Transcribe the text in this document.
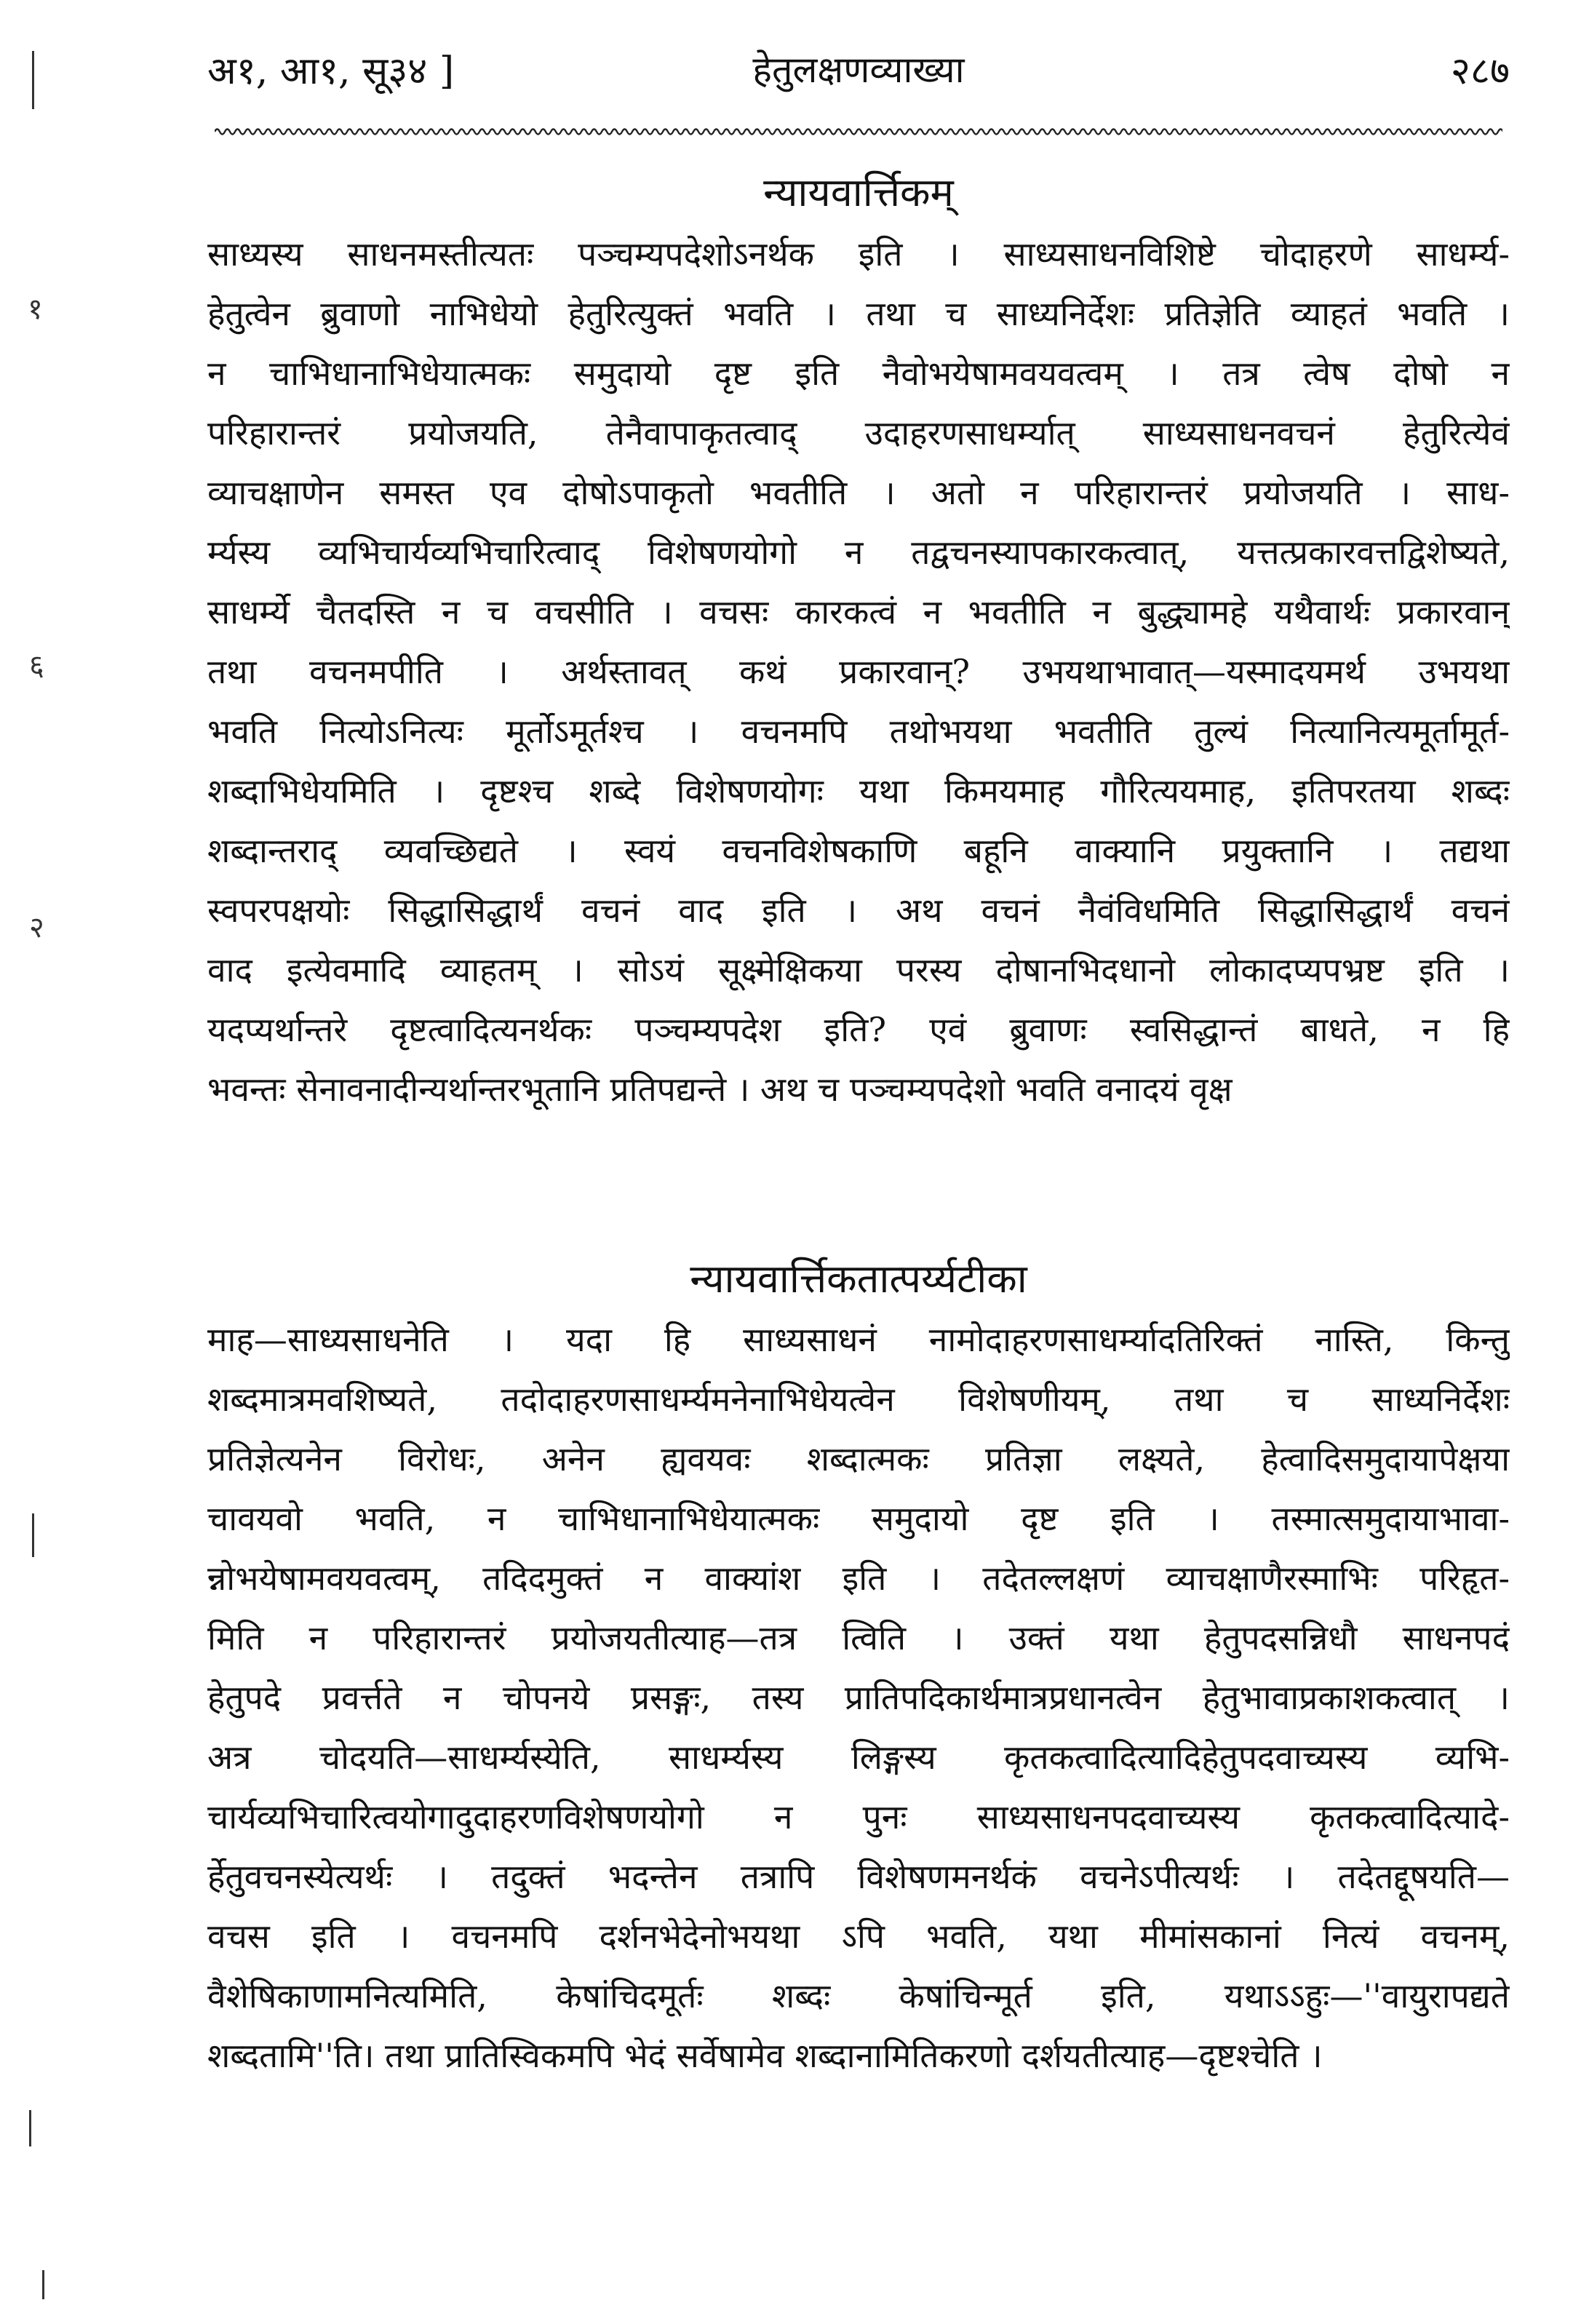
अ१, आ१, सू३४ ]	हेतुलक्षणव्याख्या	२८७
न्यायवार्त्तिकम्
साध्यस्य साधनमस्तीत्यतः पञ्चम्यपदेशोऽनर्थक इति । साध्यसाधनविशिष्टे चोदाहरणे साधर्म्य-
हेतुत्वेन ब्रुवाणो नाभिधेयो हेतुरित्युक्तं भवति । तथा च साध्यनिर्देशः प्रतिज्ञेति व्याहतं भवति ।
न चाभिधानाभिधेयात्मकः समुदायो दृष्ट इति नैवोभयेषामवयवत्वम् । तत्र त्वेष दोषो न
परिहारान्तरं प्रयोजयति, तेनैवापाकृतत्वाद् उदाहरणसाधर्म्यात् साध्यसाधनवचनं हेतुरित्येवं
व्याचक्षाणेन समस्त एव दोषोऽपाकृतो भवतीति । अतो न परिहारान्तरं प्रयोजयति । साध-
र्म्यस्य व्यभिचार्यव्यभिचारित्वाद् विशेषणयोगो न तद्वचनस्यापकारकत्वात्, यत्तत्प्रकारवत्तद्विशेष्यते,
साधर्म्ये चैतदस्ति न च वचसीति । वचसः कारकत्वं न भवतीति न बुद्ध्यामहे यथैवार्थः प्रकारवान्
तथा वचनमपीति । अर्थस्तावत् कथं प्रकारवान्? उभयथाभावात्—यस्मादयमर्थ उभयथा
भवति नित्योऽनित्यः मूर्तोऽमूर्तश्च । वचनमपि तथोभयथा भवतीति तुल्यं नित्यानित्यमूर्तामूर्त-
शब्दाभिधेयमिति । दृष्टश्च शब्दे विशेषणयोगः यथा किमयमाह गौरित्ययमाह, इतिपरतया शब्दः
शब्दान्तराद् व्यवच्छिद्यते । स्वयं वचनविशेषकाणि बहूनि वाक्यानि प्रयुक्तानि । तद्यथा
स्वपरपक्षयोः सिद्धासिद्धार्थं वचनं वाद इति । अथ वचनं नैवंविधमिति सिद्धासिद्धार्थं वचनं
वाद इत्येवमादि व्याहतम् । सोऽयं सूक्ष्मेक्षिकया परस्य दोषानभिदधानो लोकादप्यपभ्रष्ट इति ।
यदप्यर्थान्तरे दृष्टत्वादित्यनर्थकः पञ्चम्यपदेश इति? एवं ब्रुवाणः स्वसिद्धान्तं बाधते, न हि
भवन्तः सेनावनादीन्यर्थान्तरभूतानि प्रतिपद्यन्ते । अथ च पञ्चम्यपदेशो भवति वनादयं वृक्ष
न्यायवार्त्तिकतात्पर्य्यटीका
माह—साध्यसाधनेति । यदा हि साध्यसाधनं नामोदाहरणसाधर्म्यादतिरिक्तं नास्ति, किन्तु
शब्दमात्रमवशिष्यते, तदोदाहरणसाधर्म्यमनेनाभिधेयत्वेन विशेषणीयम्, तथा च साध्यनिर्देशः
प्रतिज्ञेत्यनेन विरोधः, अनेन ह्यवयवः शब्दात्मकः प्रतिज्ञा लक्ष्यते, हेत्वादिसमुदायापेक्षया
चावयवो भवति, न चाभिधानाभिधेयात्मकः समुदायो दृष्ट इति । तस्मात्समुदायाभावा-
न्नोभयेषामवयवत्वम्, तदिदमुक्तं न वाक्यांश इति । तदेतल्लक्षणं व्याचक्षाणैरस्माभिः परिहृत-
मिति न परिहारान्तरं प्रयोजयतीत्याह—तत्र त्विति । उक्तं यथा हेतुपदसन्निधौ साधनपदं
हेतुपदे प्रवर्त्तते न चोपनये प्रसङ्गः, तस्य प्रातिपदिकार्थमात्रप्रधानत्वेन हेतुभावाप्रकाशकत्वात् ।
अत्र चोदयति—साधर्म्यस्येति, साधर्म्यस्य लिङ्गस्य कृतकत्वादित्यादिहेतुपदवाच्यस्य व्यभि-
चार्यव्यभिचारित्वयोगादुदाहरणविशेषणयोगो न पुनः साध्यसाधनपदवाच्यस्य कृतकत्वादित्यादे-
र्हेतुवचनस्येत्यर्थः । तदुक्तं भदन्तेन तत्रापि विशेषणमनर्थकं वचनेऽपीत्यर्थः । तदेतद्दूषयति—
वचस इति । वचनमपि दर्शनभेदेनोभयथा ऽपि भवति, यथा मीमांसकानां नित्यं वचनम्,
वैशेषिकाणामनित्यमिति, केषांचिदमूर्तः शब्दः केषांचिन्मूर्त इति, यथाऽऽहुः—''वायुरापद्यते
शब्दतामि''ति। तथा प्रातिस्विकमपि भेदं सर्वेषामेव शब्दानामितिकरणो दर्शयतीत्याह—दृष्टश्चेति ।
१
६
२
